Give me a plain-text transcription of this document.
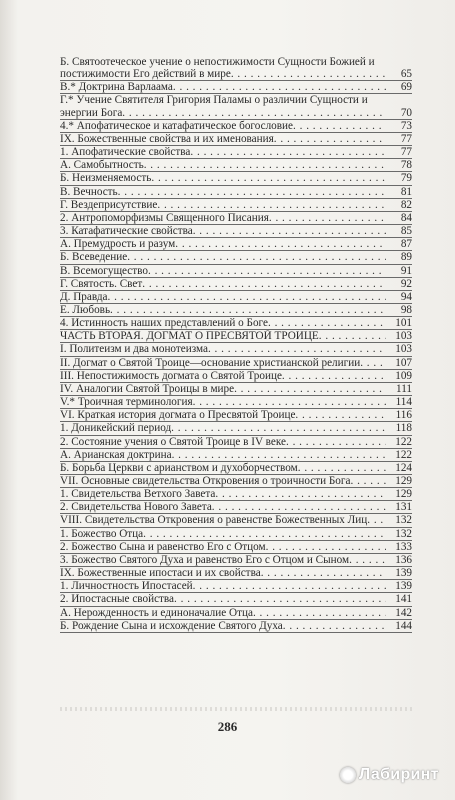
Б. Святоотеческое учение о непостижимости Сущности Божией и постижимости Его действий в мире . . .	65
В.* Доктрина Варлаама . . .	69
Г.* Учение Святителя Григория Паламы о различии Сущности и энергии Бога . . .	70
4.* Апофатическое и катафатическое богословие . . .	73
IX. Божественные свойства и их именования . . .	77
1. Апофатические свойства . . .	77
А. Самобытность . . .	78
Б. Неизменяемость . . .	79
В. Вечность . . .	81
Г. Вездеприсутствие . . .	82
2. Антропоморфизмы Священного Писания . . .	84
3. Катафатические свойства . . .	85
А. Премудрость и разум . . .	87
Б. Всеведение . . .	89
В. Всемогущество . . .	91
Г. Святость. Свет . . .	92
Д. Правда . . .	94
Е. Любовь . . .	98
4. Истинность наших представлений о Боге . . .	101
ЧАСТЬ ВТОРАЯ. ДОГМАТ О ПРЕСВЯТОЙ ТРОИЦЕ . . .	103
I. Политеизм и два монотеизма . . .	103
II. Догмат о Святой Троице—основание христианской религии . . .	107
III. Непостижимость догмата о Святой Троице . . .	109
IV. Аналогии Святой Троицы в мире . . .	111
V.* Троичная терминология . . .	114
VI. Краткая история догмата о Пресвятой Троице . . .	116
1. Доникейский период . . .	118
2. Состояние учения о Святой Троице в IV веке . . .	122
А. Арианская доктрина . . .	122
Б. Борьба Церкви с арианством и духоборчеством . . .	124
VII. Основные свидетельства Откровения о троичности Бога . . .	129
1. Свидетельства Ветхого Завета . . .	129
2. Свидетельства Нового Завета . . .	131
VIII. Свидетельства Откровения о равенстве Божественных Лиц . . .	132
1. Божество Отца . . .	132
2. Божество Сына и равенство Его с Отцом . . .	133
3. Божество Святого Духа и равенство Его с Отцом и Сыном . . .	136
IX. Божественные ипостаси и их свойства . . .	139
1. Личностность Ипостасей . . .	139
2. Ипостасные свойства . . .	141
А. Нерожденность и единоначалие Отца . . .	142
Б. Рождение Сына и исхождение Святого Духа . . .	144
286
Лабиринт
